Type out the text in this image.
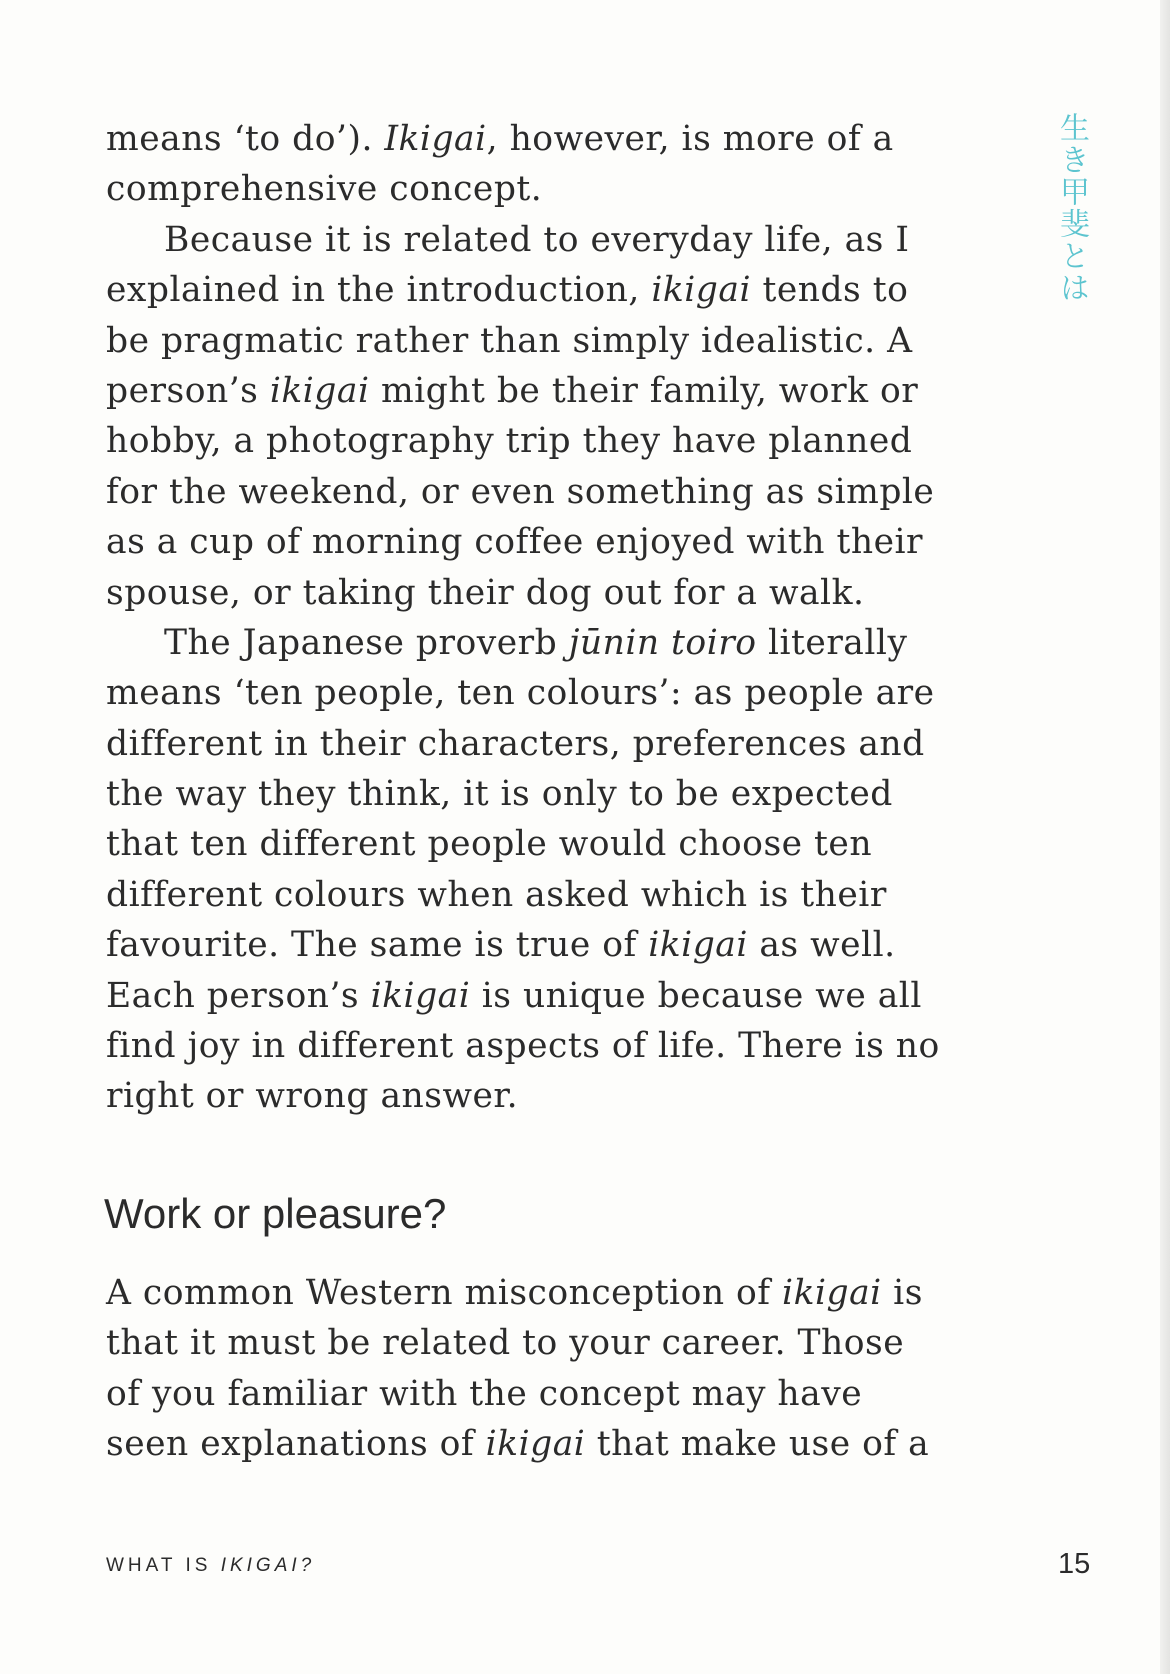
生き甲斐とは
means ‘to do’). Ikigai, however, is more of a
comprehensive concept.
Because it is related to everyday life, as I
explained in the introduction, ikigai tends to
be pragmatic rather than simply idealistic. A
person’s ikigai might be their family, work or
hobby, a photography trip they have planned
for the weekend, or even something as simple
as a cup of morning coffee enjoyed with their
spouse, or taking their dog out for a walk.
The Japanese proverb jūnin toiro literally
means ‘ten people, ten colours’: as people are
different in their characters, preferences and
the way they think, it is only to be expected
that ten different people would choose ten
different colours when asked which is their
favourite. The same is true of ikigai as well.
Each person’s ikigai is unique because we all
find joy in different aspects of life. There is no
right or wrong answer.
Work or pleasure?
A common Western misconception of ikigai is
that it must be related to your career. Those
of you familiar with the concept may have
seen explanations of ikigai that make use of a
WHAT IS IKIGAI?	15
